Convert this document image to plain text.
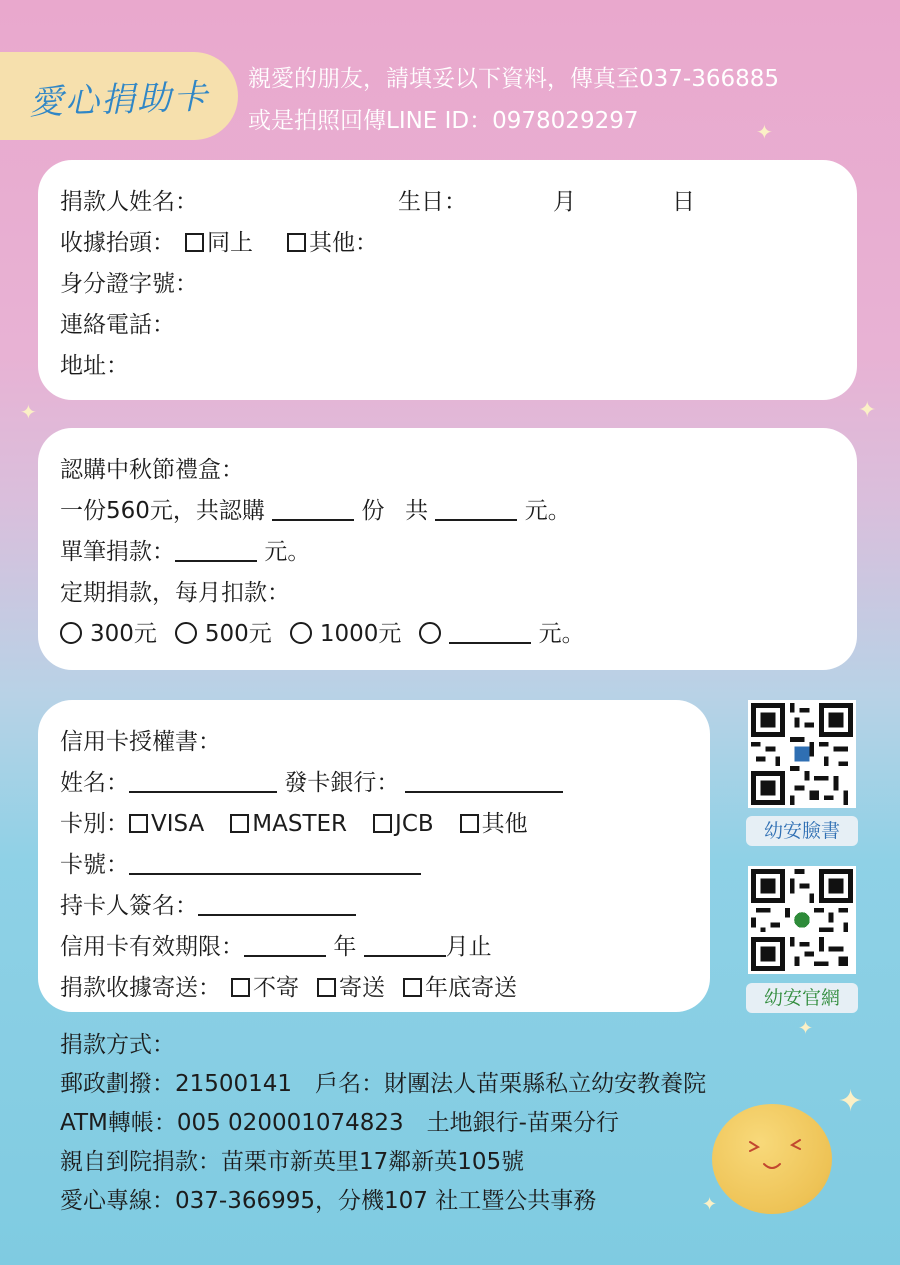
愛心捐助卡 親愛的朋友，請填妥以下資料，傳真至037-366885
或是拍照回傳LINE ID：0978029297	✦
✦	✦
✦
✦
✦
捐款人姓名：	生日：	月	日
收據抬頭： 同上 其他：
身分證字號：
連絡電話：
地址：
認購中秋節禮盒：
一份560元，共認購	份 共	元。
單筆捐款：	元。
定期捐款，每月扣款：
300元 500元 1000元	元。
信用卡授權書：
姓名：	發卡銀行：
卡別： VISA MASTER JCB 其他
卡號：
持卡人簽名：
信用卡有效期限：	年	月止
捐款收據寄送： 不寄 寄送 年底寄送
幼安臉書
幼安官網
捐款方式：
郵政劃撥：21500141　戶名：財團法人苗栗縣私立幼安教養院
ATM轉帳：005 020001074823　土地銀行-苗栗分行
親自到院捐款：苗栗市新英里17鄰新英105號
愛心專線：037-366995，分機107 社工暨公共事務
